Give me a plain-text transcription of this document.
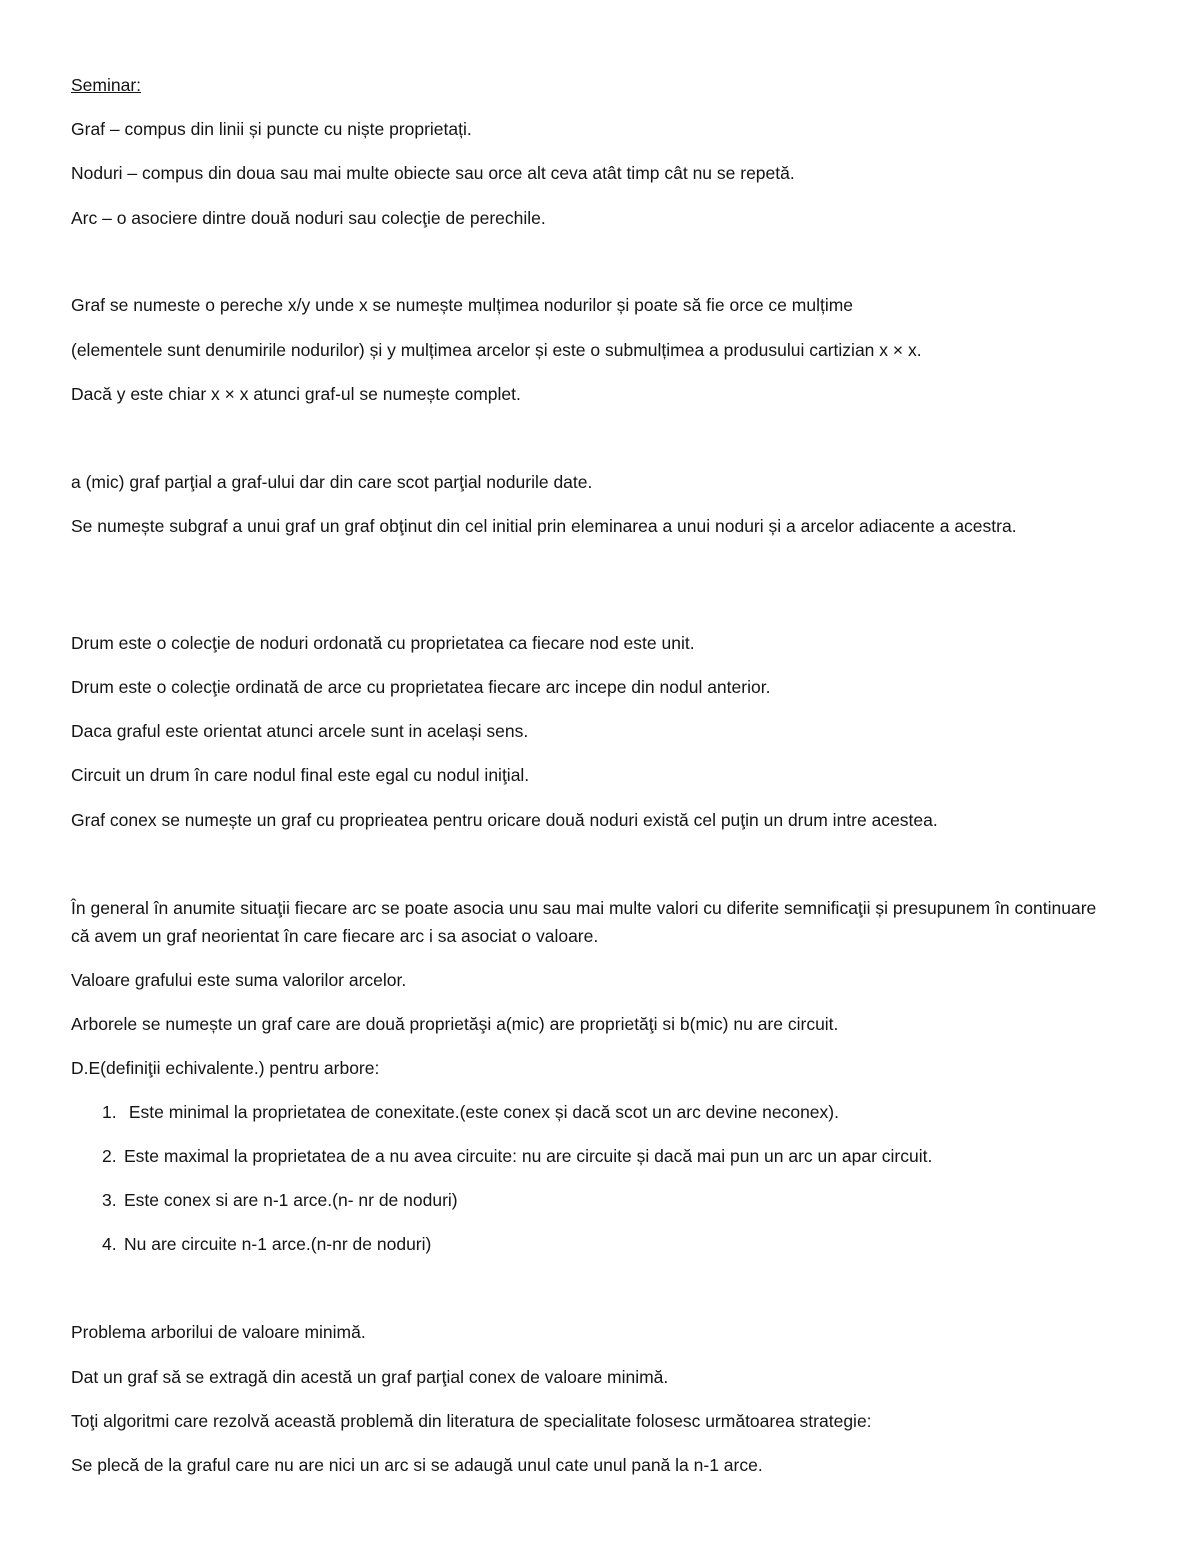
Seminar:
Graf – compus din linii și puncte cu niște proprietați.
Noduri – compus din doua sau mai multe obiecte sau orce alt ceva atât timp cât nu se repetă.
Arc – o asociere dintre două noduri sau colecţie de perechile.
Graf se numeste o pereche x/y unde x se numește mulțimea nodurilor și poate să fie orce ce mulțime
(elementele sunt denumirile nodurilor) și y mulțimea arcelor și este o submulțimea a produsului cartizian x × x.
Dacă y este chiar x × x atunci graf-ul se numește complet.
a (mic) graf parţial a graf-ului dar din care scot parţial nodurile date.
Se numește subgraf a unui graf un graf obţinut din cel initial prin eleminarea a unui noduri și a arcelor adiacente a acestra.
Drum este o colecţie de noduri ordonată cu proprietatea ca fiecare nod este unit.
Drum este o colecţie ordinată de arce cu proprietatea fiecare arc incepe din nodul anterior.
Daca graful este orientat atunci arcele sunt in același sens.
Circuit un drum în care nodul final este egal cu nodul iniţial.
Graf conex se numește un graf cu proprieatea pentru oricare două noduri există cel puţin un drum intre acestea.
În general în anumite situaţii fiecare arc se poate asocia unu sau mai multe valori cu diferite semnificaţii și presupunem în continuare că avem un graf neorientat în care fiecare arc i sa asociat o valoare.
Valoare grafului este suma valorilor arcelor.
Arborele se numește un graf care are două proprietăşi a(mic) are proprietăţi si b(mic) nu are circuit.
D.E(definiţii echivalente.) pentru arbore:
1. Este minimal la proprietatea de conexitate.(este conex și dacă scot un arc devine neconex).
2. Este maximal la proprietatea de a nu avea circuite: nu are circuite și dacă mai pun un arc un apar circuit.
3. Este conex si are n-1 arce.(n- nr de noduri)
4. Nu are circuite n-1 arce.(n-nr de noduri)
Problema arborilui de valoare minimă.
Dat un graf să se extragă din acestă un graf parţial conex de valoare minimă.
Toţi algoritmi care rezolvă această problemă din literatura de specialitate folosesc următoarea strategie:
Se plecă de la graful care nu are nici un arc si se adaugă unul cate unul pană la n-1 arce.
